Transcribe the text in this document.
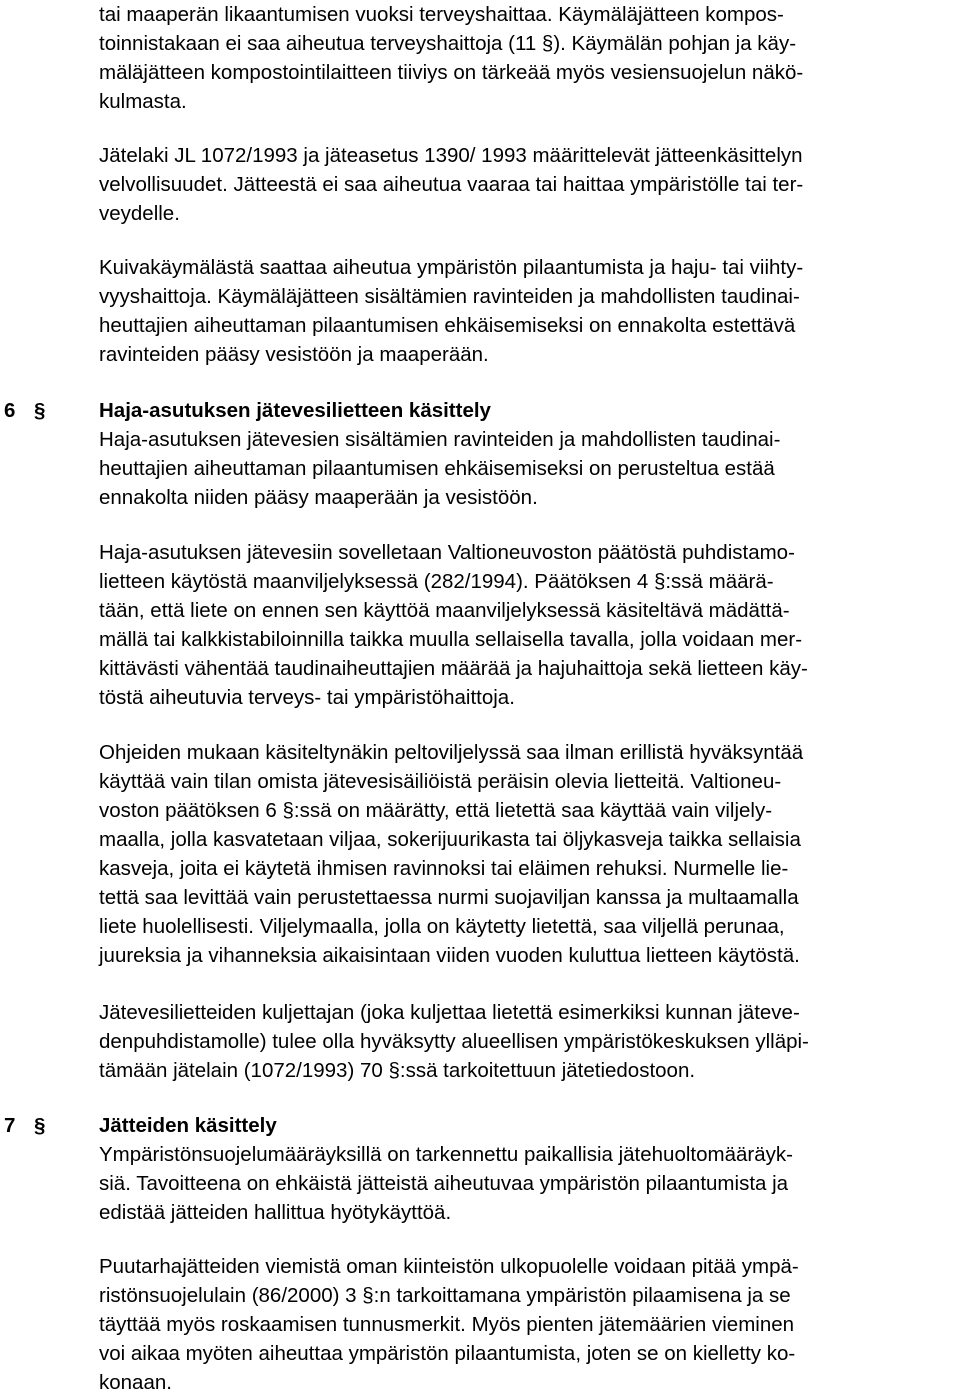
tai maaperän likaantumisen vuoksi terveyshaittaa. Käymäläjätteen kompos-
toinnistakaan ei saa aiheutua terveyshaittoja (11 §). Käymälän pohjan ja käy-
mäläjätteen kompostointilaitteen tiiviys on tärkeää myös vesiensuojelun näkö-
kulmasta.
Jätelaki JL 1072/1993 ja jäteasetus 1390/ 1993 määrittelevät jätteenkäsittelyn
velvollisuudet. Jätteestä ei saa aiheutua vaaraa tai haittaa ympäristölle tai ter-
veydelle.
Kuivakäymälästä saattaa aiheutua ympäristön pilaantumista ja haju- tai viihty-
vyyshaittoja. Käymäläjätteen sisältämien ravinteiden ja mahdollisten taudinai-
heuttajien aiheuttaman pilaantumisen ehkäisemiseksi on ennakolta estettävä
ravinteiden pääsy vesistöön ja maaperään.
6 §	Haja-asutuksen jätevesilietteen käsittely
Haja-asutuksen jätevesien sisältämien ravinteiden ja mahdollisten taudinai-
heuttajien aiheuttaman pilaantumisen ehkäisemiseksi on perusteltua estää
ennakolta niiden pääsy maaperään ja vesistöön.
Haja-asutuksen jätevesiin sovelletaan Valtioneuvoston päätöstä puhdistamo-
lietteen käytöstä maanviljelyksessä (282/1994). Päätöksen 4 §:ssä määrä-
tään, että liete on ennen sen käyttöä maanviljelyksessä käsiteltävä mädättä-
mällä tai kalkkistabiloinnilla taikka muulla sellaisella tavalla, jolla voidaan mer-
kittävästi vähentää taudinaiheuttajien määrää ja hajuhaittoja sekä lietteen käy-
töstä aiheutuvia terveys- tai ympäristöhaittoja.
Ohjeiden mukaan käsiteltynäkin peltoviljelyssä saa ilman erillistä hyväksyntää
käyttää vain tilan omista jätevesisäiliöistä peräisin olevia lietteitä. Valtioneu-
voston päätöksen 6 §:ssä on määrätty, että lietettä saa käyttää vain viljely-
maalla, jolla kasvatetaan viljaa, sokerijuurikasta tai öljykasveja taikka sellaisia
kasveja, joita ei käytetä ihmisen ravinnoksi tai eläimen rehuksi. Nurmelle lie-
tettä saa levittää vain perustettaessa nurmi suojaviljan kanssa ja multaamalla
liete huolellisesti. Viljelymaalla, jolla on käytetty lietettä, saa viljellä perunaa,
juureksia ja vihanneksia aikaisintaan viiden vuoden kuluttua lietteen käytöstä.
Jätevesilietteiden kuljettajan (joka kuljettaa lietettä esimerkiksi kunnan jäteve-
denpuhdistamolle) tulee olla hyväksytty alueellisen ympäristökeskuksen ylläpi-
tämään jätelain (1072/1993) 70 §:ssä tarkoitettuun jätetiedostoon.
7 §	Jätteiden käsittely
Ympäristönsuojelumääräyksillä on tarkennettu paikallisia jätehuoltomääräyk-
siä. Tavoitteena on ehkäistä jätteistä aiheutuvaa ympäristön pilaantumista ja
edistää jätteiden hallittua hyötykäyttöä.
Puutarhajätteiden viemistä oman kiinteistön ulkopuolelle voidaan pitää ympä-
ristönsuojelulain (86/2000) 3 §:n tarkoittamana ympäristön pilaamisena ja se
täyttää myös roskaamisen tunnusmerkit. Myös pienten jätemäärien vieminen
voi aikaa myöten aiheuttaa ympäristön pilaantumista, joten se on kielletty ko-
konaan.
